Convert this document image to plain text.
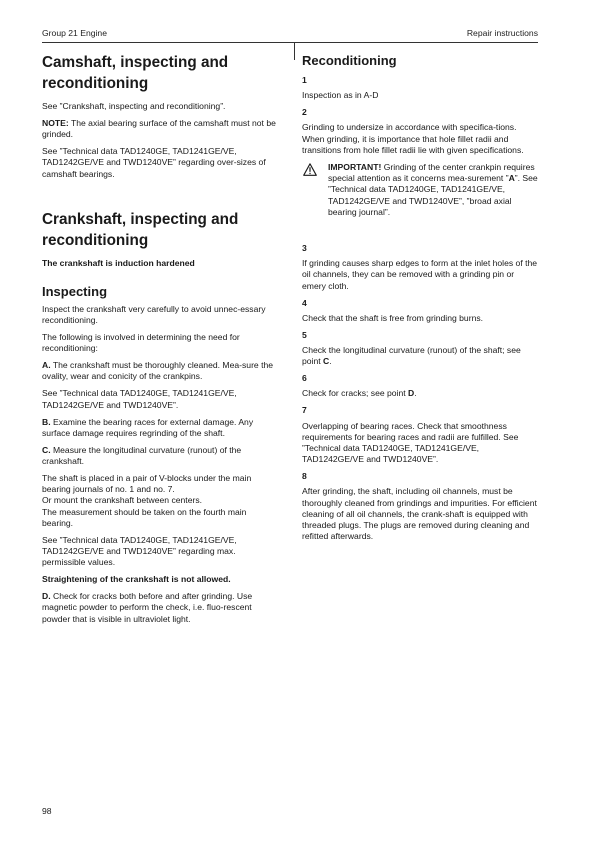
Group 21 Engine	Repair instructions
Camshaft, inspecting and reconditioning

See ”Crankshaft, inspecting and reconditioning”.

NOTE: The axial bearing surface of the camshaft must not be grinded.

See ”Technical data TAD1240GE, TAD1241GE/VE, TAD1242GE/VE and TWD1240VE” regarding over-sizes of camshaft bearings.

Crankshaft, inspecting and reconditioning

The crankshaft is induction hardened

Inspecting

Inspect the crankshaft very carefully to avoid unnec-essary reconditioning.

The following is involved in determining the need for reconditioning:

A. The crankshaft must be thoroughly cleaned. Mea-sure the ovality, wear and conicity of the crankpins.

See ”Technical data TAD1240GE, TAD1241GE/VE, TAD1242GE/VE and TWD1240VE”.

B. Examine the bearing races for external damage. Any surface damage requires regrinding of the shaft.

C. Measure the longitudinal curvature (runout) of the crankshaft.

The shaft is placed in a pair of V-blocks under the main bearing journals of no. 1 and no. 7.
Or mount the crankshaft between centers.
The measurement should be taken on the fourth main bearing.

See ”Technical data TAD1240GE, TAD1241GE/VE, TAD1242GE/VE and TWD1240VE” regarding max. permissible values.

Straightening of the crankshaft is not allowed.

D. Check for cracks both before and after grinding. Use magnetic powder to perform the check, i.e. fluo-rescent powder that is visible in ultraviolet light.

Reconditioning

1

Inspection as in A-D

2

Grinding to undersize in accordance with specifica-tions. When grinding, it is importance that hole fillet radii and transitions from hole fillet radii lie with given specifications.

IMPORTANT! Grinding of the center crankpin requires special attention as it concerns mea-surement ”A”. See ”Technical data TAD1240GE, TAD1241GE/VE, TAD1242GE/VE and TWD1240VE”, ”broad axial bearing journal”.

3

If grinding causes sharp edges to form at the inlet holes of the oil channels, they can be removed with a grinding pin or emery cloth.

4

Check that the shaft is free from grinding burns.

5

Check the longitudinal curvature (runout) of the shaft; see point C.

6

Check for cracks; see point D.

7

Overlapping of bearing races. Check that smoothness requirements for bearing races and radii are fulfilled. See ”Technical data TAD1240GE, TAD1241GE/VE, TAD1242GE/VE and TWD1240VE”.

8

After grinding, the shaft, including oil channels, must be thoroughly cleaned from grindings and impurities. For efficient cleaning of all oil channels, the crank-shaft is equipped with threaded plugs. The plugs are removed during cleaning and refitted afterwards.

98
